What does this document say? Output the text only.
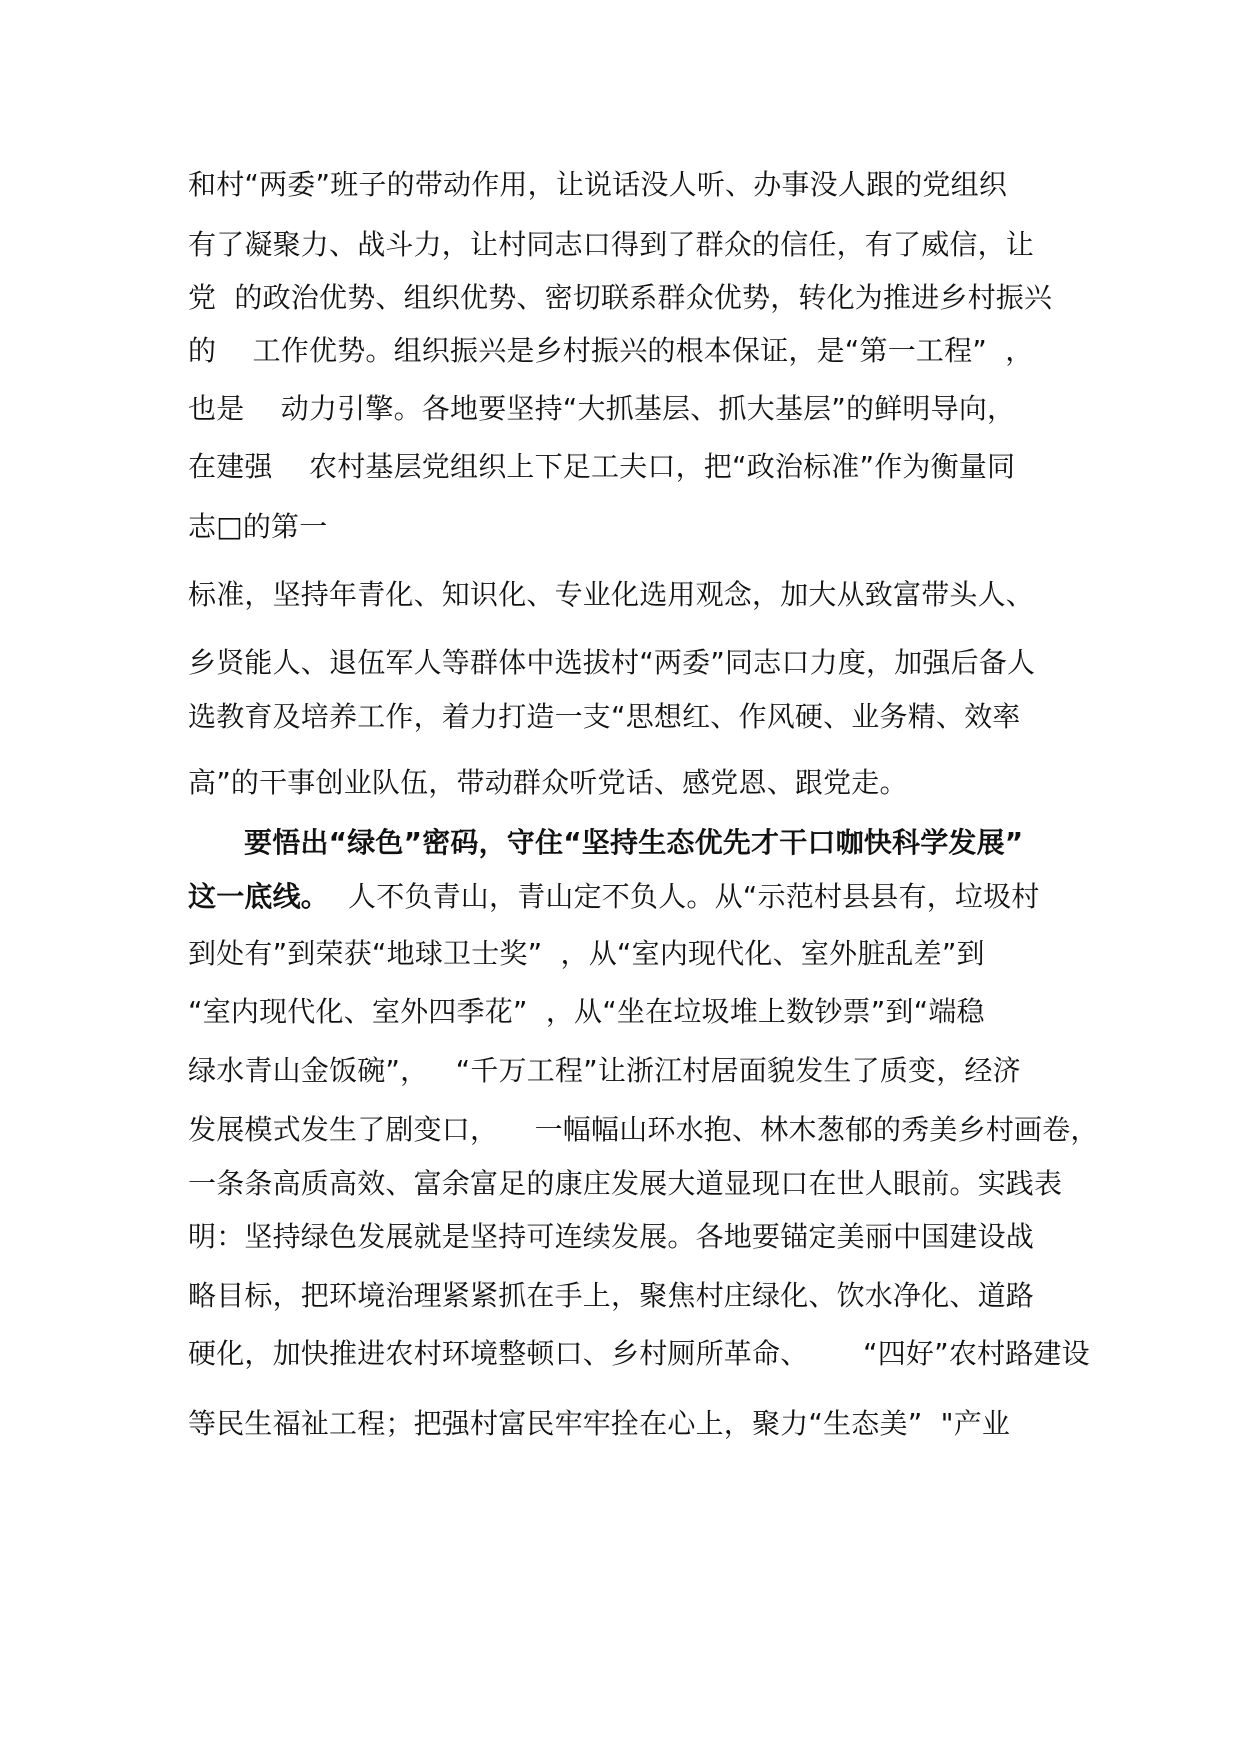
和村“两委”班子的带动作用，让说话没人听、办事没人跟的党组织

有了凝聚力、战斗力，让村同志口得到了群众的信任，有了威信，让

党  的政治优势、组织优势、密切联系群众优势，转化为推进乡村振兴

的    工作优势。组织振兴是乡村振兴的根本保证，是“第一工程”  ，

也是    动力引擎。各地要坚持“大抓基层、抓大基层”的鲜明导向，

在建强    农村基层党组织上下足工夫口，把“政治标准”作为衡量同

志□的第一

标准，坚持年青化、知识化、专业化选用观念，加大从致富带头人、

乡贤能人、退伍军人等群体中选拔村“两委”同志口力度，加强后备人

选教育及培养工作，着力打造一支“思想红、作风硬、业务精、效率

高”的干事创业队伍，带动群众听党话、感党恩、跟党走。

要悟出“绿色”密码，守住“坚持生态优先才干口咖快科学发展”

这一底线。 人不负青山，青山定不负人。从“示范村县县有，垃圾村

到处有”到荣获“地球卫士奖”  ，从“室内现代化、室外脏乱差”到

“室内现代化、室外四季花”  ，从“坐在垃圾堆上数钞票”到“端稳

绿水青山金饭碗”，   “千万工程”让浙江村居面貌发生了质变，经济

发展模式发生了剧变口，    一幅幅山环水抱、林木葱郁的秀美乡村画卷，

一条条高质高效、富余富足的康庄发展大道显现口在世人眼前。实践表

明：坚持绿色发展就是坚持可连续发展。各地要锚定美丽中国建设战

略目标，把环境治理紧紧抓在手上，聚焦村庄绿化、饮水净化、道路

硬化，加快推进农村环境整顿口、乡村厕所革命、      “四好”农村路建设

等民生福祉工程；把强村富民牢牢拴在心上，聚力“生态美”  "产业
